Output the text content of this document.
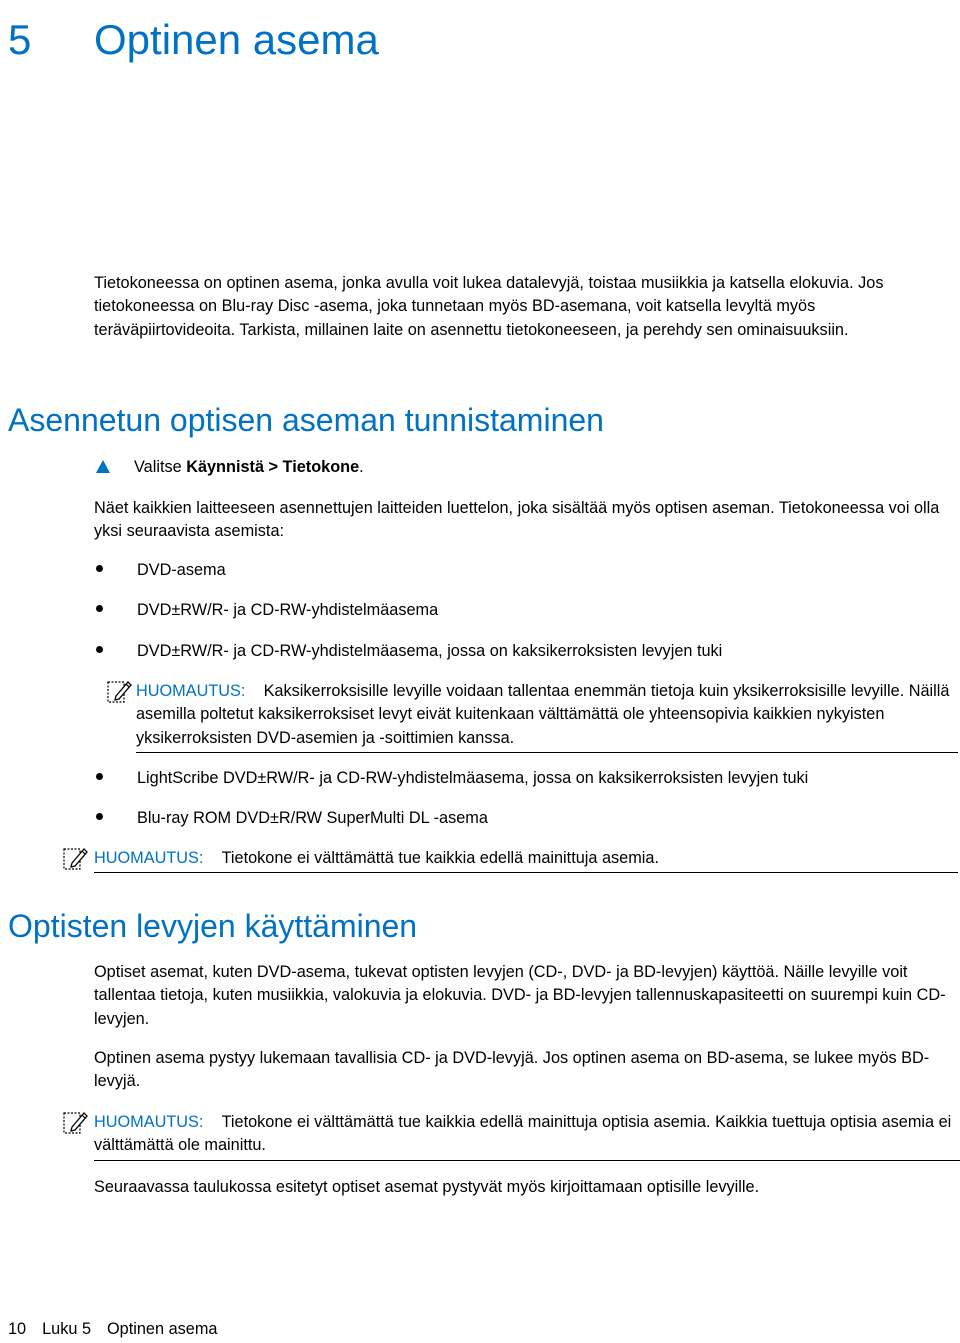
5 Optinen asema

Tietokoneessa on optinen asema, jonka avulla voit lukea datalevyjä, toistaa musiikkia ja katsella elokuvia. Jos tietokoneessa on Blu-ray Disc -asema, joka tunnetaan myös BD-asemana, voit katsella levyltä myös teräväpiirtovideoita. Tarkista, millainen laite on asennettu tietokoneeseen, ja perehdy sen ominaisuuksiin.

Asennetun optisen aseman tunnistaminen
Valitse Käynnistä > Tietokone.

Näet kaikkien laitteeseen asennettujen laitteiden luettelon, joka sisältää myös optisen aseman. Tietokoneessa voi olla yksi seuraavista asemista:

DVD-asema
DVD±RW/R- ja CD-RW-yhdistelmäasema
DVD±RW/R- ja CD-RW-yhdistelmäasema, jossa on kaksikerroksisten levyjen tuki
HUOMAUTUS: Kaksikerroksisille levyille voidaan tallentaa enemmän tietoja kuin yksikerroksisille levyille. Näillä asemilla poltetut kaksikerroksiset levyt eivät kuitenkaan välttämättä ole yhteensopivia kaikkien nykyisten yksikerroksisten DVD-asemien ja -soittimien kanssa.
LightScribe DVD±RW/R- ja CD-RW-yhdistelmäasema, jossa on kaksikerroksisten levyjen tuki
Blu-ray ROM DVD±R/RW SuperMulti DL -asema
HUOMAUTUS: Tietokone ei välttämättä tue kaikkia edellä mainittuja asemia.
Optisten levyjen käyttäminen

Optiset asemat, kuten DVD-asema, tukevat optisten levyjen (CD-, DVD- ja BD-levyjen) käyttöä. Näille levyille voit tallentaa tietoja, kuten musiikkia, valokuvia ja elokuvia. DVD- ja BD-levyjen tallennuskapasiteetti on suurempi kuin CD-levyjen.

Optinen asema pystyy lukemaan tavallisia CD- ja DVD-levyjä. Jos optinen asema on BD-asema, se lukee myös BD-levyjä.

HUOMAUTUS: Tietokone ei välttämättä tue kaikkia edellä mainittuja optisia asemia. Kaikkia tuettuja optisia asemia ei välttämättä ole mainittu.

Seuraavassa taulukossa esitetyt optiset asemat pystyvät myös kirjoittamaan optisille levyille.

10 Luku 5 Optinen asema
